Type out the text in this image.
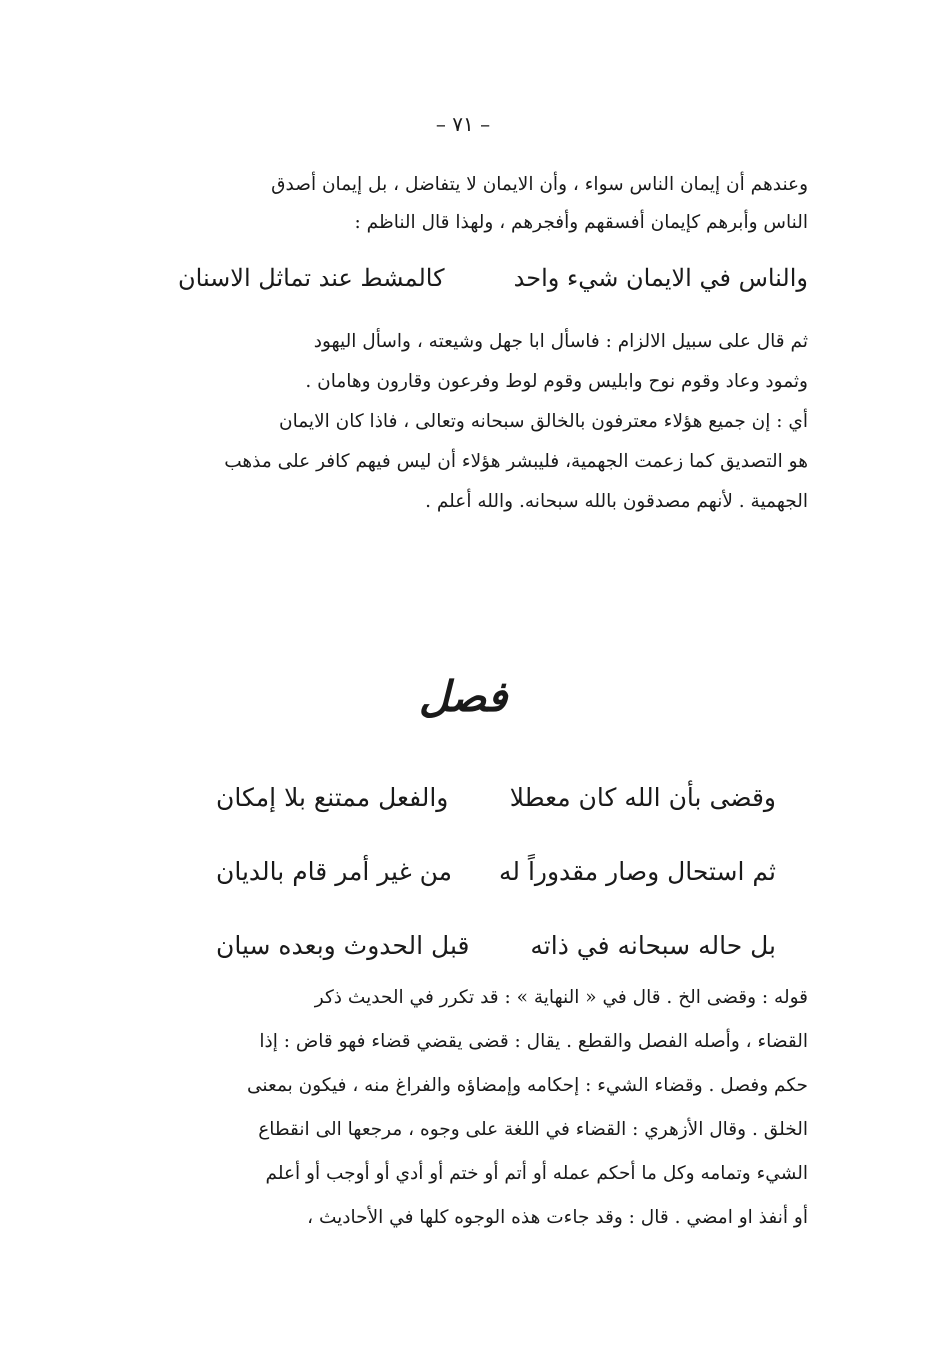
– ٧١ –
وعندهم أن إيمان الناس سواء ، وأن الايمان لا يتفاضل ، بل إيمان أصدق
الناس وأبرهم كإيمان أفسقهم وأفجرهم ، ولهذا قال الناظم :
والناس في الايمان شيء واحد
كالمشط عند تماثل الاسنان
ثم قال على سبيل الالزام : فاسأل ابا جهل وشيعته ، واسأل اليهود
وثمود وعاد وقوم نوح وابليس وقوم لوط وفرعون وقارون وهامان .
أي : إن جميع هؤلاء معترفون بالخالق سبحانه وتعالى ، فاذا كان الايمان
هو التصديق كما زعمت الجهمية، فليبشر هؤلاء أن ليس فيهم كافر على مذهب
الجهمية . لأنهم مصدقون بالله سبحانه. والله أعلم .
فصل
وقضى بأن الله كان معطلا
والفعل ممتنع بلا إمكان
ثم استحال وصار مقدوراً له
من غير أمر قام بالديان
بل حاله سبحانه في ذاته
قبل الحدوث وبعده سيان
قوله : وقضى الخ . قال في « النهاية » : قد تكرر في الحديث ذكر
القضاء ، وأصله الفصل والقطع . يقال : قضى يقضي قضاء فهو قاض : إذا
حكم وفصل . وقضاء الشيء : إحكامه وإمضاؤه والفراغ منه ، فيكون بمعنى
الخلق . وقال الأزهري : القضاء في اللغة على وجوه ، مرجعها الى انقطاع
الشيء وتمامه وكل ما أحكم عمله أو أتم أو ختم أو أدي أو أوجب أو أعلم
أو أنفذ او امضي . قال : وقد جاءت هذه الوجوه كلها في الأحاديث ،
